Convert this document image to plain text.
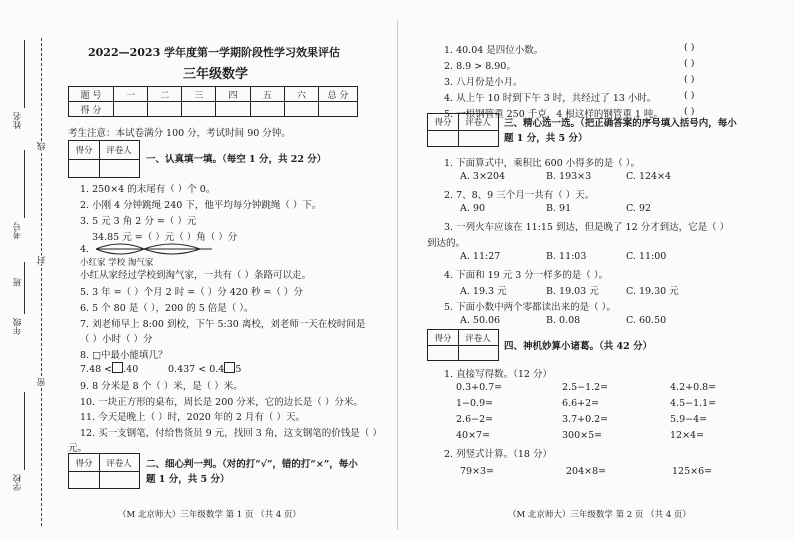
姓名
考号
年级
班
学校
线
封
密
2022—2023 学年度第一学期阶段性学习效果评估
三年级数学
题 号	一	二	三	四	五	六	总 分
得 分							
考生注意：本试卷满分 100 分，考试时间 90 分钟。
得分	评卷人
一、认真填一填。（每空 1 分，共 22 分）
1. 250×4 的末尾有（ ）个 0。
2. 小刚 4 分钟跳绳 240 下，他平均每分钟跳绳（ ）下。
3. 5 元 3 角 2 分 =（ ）元
34.85 元 =（ ）元（ ）角（ ）分
4.
小红家 学校 淘气家
小红从家经过学校到淘气家，一共有（ ）条路可以走。
5. 3 年 =（ ）个月 2 时 =（ ）分 420 秒 =（ ）分
6. 5 个 80 是（ ），200 的 5 倍是（ ）。
7. 刘老师早上 8:00 到校，下午 5:30 离校，刘老师一天在校时间是
（ ）小时（ ）分
8. □中最小能填几？
7.48 < .40	0.437 < 0.4 5
9. 8 分米是 8 个（ ）米，是（ ）米。
10. 一块正方形的桌布，周长是 200 分米，它的边长是（ ）分米。
11. 今天是晚上（ ）时，2020 年的 2 月有（ ）天。
12. 买一支钢笔，付给售货员 9 元，找回 3 角，这支钢笔的价钱是（ ）
元。
得分	评卷人	二、细心判一判。（对的打“√”，错的打“×”，每小
题 1 分，共 5 分）
（M 北京师大）三年级数学 第 1 页 （共 4 页）
1. 40.04 是四位小数。	( )
2. 8.9 > 8.90。	( )
3. 八月份是小月。	( )
4. 从上午 10 时到下午 3 时，共经过了 13 小时。	( )
5. 一根钢管重 250 千克，4 根这样的钢管重 1 吨。 ( )
得分	评卷人	三、精心选一选。（把正确答案的序号填入括号内，每小
题 1 分，共 5 分）
1. 下面算式中，乘积比 600 小得多的是（ ）。
A. 3×204	B. 193×3	C. 124×4
2. 7、8、9 三个月一共有（ ）天。
A. 90	B. 91	C. 92
3. 一列火车应该在 11:15 到达，但是晚了 12 分才到达，它是（ ）
到达的。
A. 11:27	B. 11:03	C. 11:00
4. 下面和 19 元 3 分一样多的是（ ）。
A. 19.3 元	B. 19.03 元	C. 19.30 元
5. 下面小数中两个零都读出来的是（ ）。
A. 50.06	B. 0.08	C. 60.50
得分	评卷人
四、神机妙算小诸葛。（共 42 分）
1. 直接写得数。（12 分）
0.3+0.7=	2.5−1.2=	4.2+0.8=
1−0.9=	6.6+2=	4.5−1.1=
2.6−2=	3.7+0.2=	5.9−4=
40×7=	300×5=	12×4=
2. 列竖式计算。（18 分）
79×3=	204×8=	125×6=
（M 北京师大）三年级数学 第 2 页 （共 4 页）
